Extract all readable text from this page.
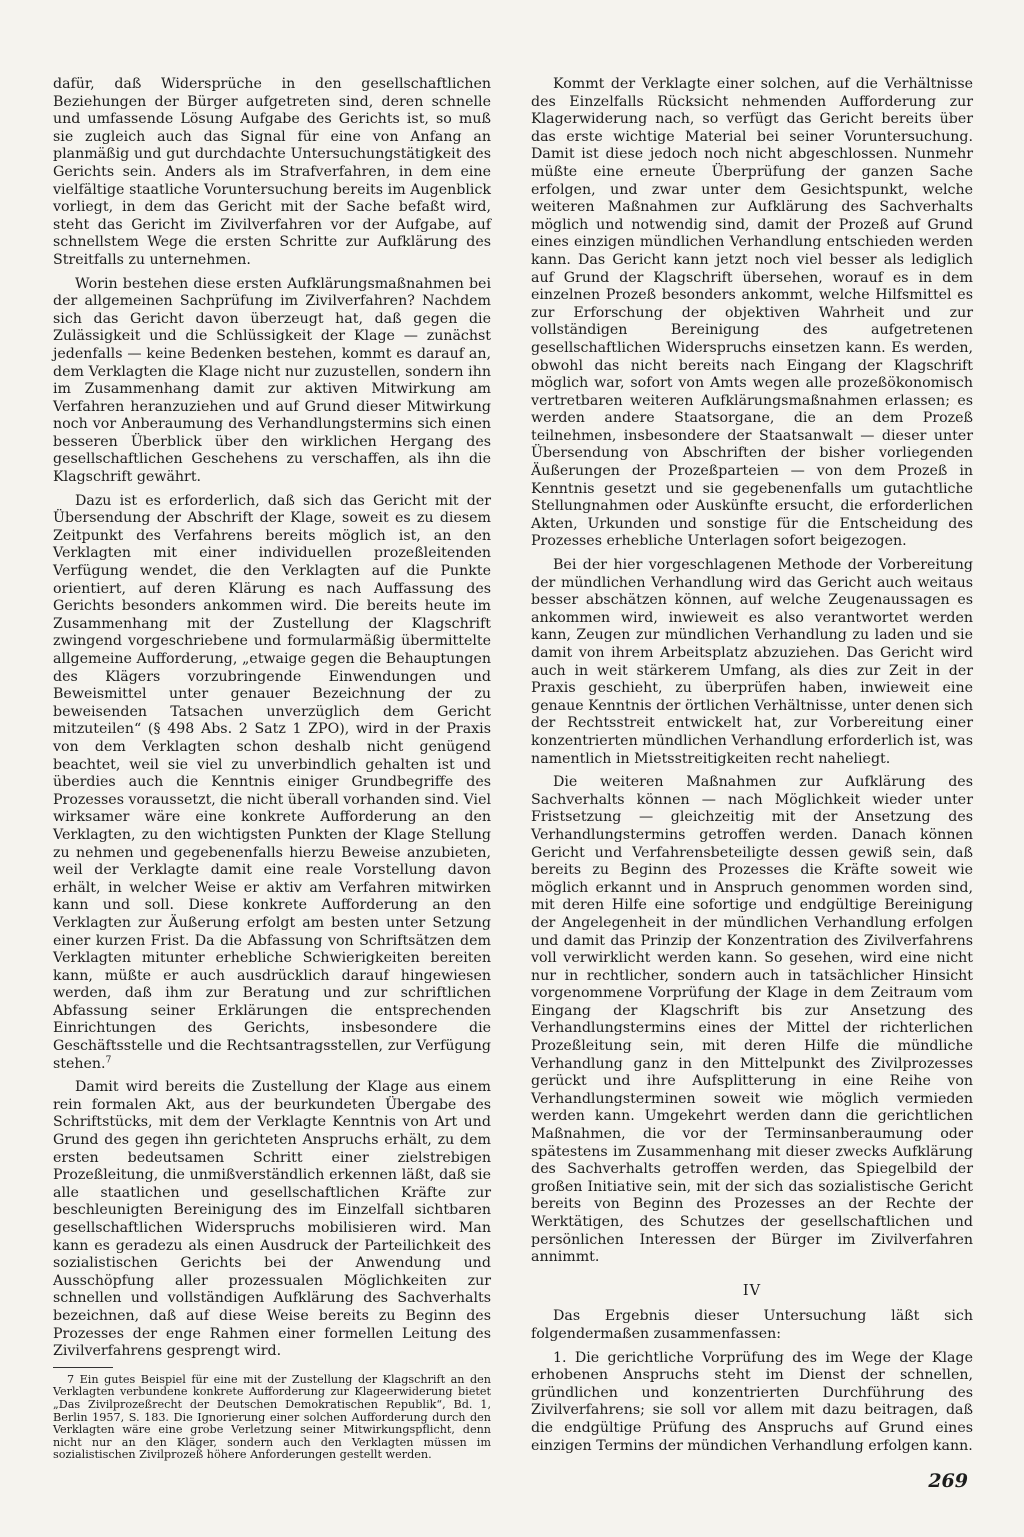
dafür, daß Widersprüche in den gesellschaftlichen Beziehungen der Bürger aufgetreten sind, deren schnelle und umfassende Lösung Aufgabe des Gerichts ist, so muß sie zugleich auch das Signal für eine von Anfang an planmäßig und gut durchdachte Untersuchungstätigkeit des Gerichts sein. Anders als im Strafverfahren, in dem eine vielfältige staatliche Voruntersuchung bereits im Augenblick vorliegt, in dem das Gericht mit der Sache befaßt wird, steht das Gericht im Zivilverfahren vor der Aufgabe, auf schnellstem Wege die ersten Schritte zur Aufklärung des Streitfalls zu unternehmen.

Worin bestehen diese ersten Aufklärungsmaßnahmen bei der allgemeinen Sachprüfung im Zivilverfahren? Nachdem sich das Gericht davon überzeugt hat, daß gegen die Zulässigkeit und die Schlüssigkeit der Klage — zunächst jedenfalls — keine Bedenken bestehen, kommt es darauf an, dem Verklagten die Klage nicht nur zuzustellen, sondern ihn im Zusammenhang damit zur aktiven Mitwirkung am Verfahren heranzuziehen und auf Grund dieser Mitwirkung noch vor Anberaumung des Verhandlungstermins sich einen besseren Überblick über den wirklichen Hergang des gesellschaftlichen Geschehens zu verschaffen, als ihn die Klagschrift gewährt.

Dazu ist es erforderlich, daß sich das Gericht mit der Übersendung der Abschrift der Klage, soweit es zu diesem Zeitpunkt des Verfahrens bereits möglich ist, an den Verklagten mit einer individuellen prozeßleitenden Verfügung wendet, die den Verklagten auf die Punkte orientiert, auf deren Klärung es nach Auffassung des Gerichts besonders ankommen wird. Die bereits heute im Zusammenhang mit der Zustellung der Klagschrift zwingend vorgeschriebene und formularmäßig übermittelte allgemeine Aufforderung, „etwaige gegen die Behauptungen des Klägers vorzubringende Einwendungen und Beweismittel unter genauer Bezeichnung der zu beweisenden Tatsachen unverzüglich dem Gericht mitzuteilen“ (§ 498 Abs. 2 Satz 1 ZPO), wird in der Praxis von dem Verklagten schon deshalb nicht genügend beachtet, weil sie viel zu unverbindlich gehalten ist und überdies auch die Kenntnis einiger Grundbegriffe des Prozesses voraussetzt, die nicht überall vorhanden sind. Viel wirksamer wäre eine konkrete Aufforderung an den Verklagten, zu den wichtigsten Punkten der Klage Stellung zu nehmen und gegebenenfalls hierzu Beweise anzubieten, weil der Verklagte damit eine reale Vorstellung davon erhält, in welcher Weise er aktiv am Verfahren mitwirken kann und soll. Diese konkrete Aufforderung an den Verklagten zur Äußerung erfolgt am besten unter Setzung einer kurzen Frist. Da die Abfassung von Schriftsätzen dem Verklagten mitunter erhebliche Schwierigkeiten bereiten kann, müßte er auch ausdrücklich darauf hingewiesen werden, daß ihm zur Beratung und zur schriftlichen Abfassung seiner Erklärungen die entsprechenden Einrichtungen des Gerichts, insbesondere die Geschäftsstelle und die Rechtsantragsstellen, zur Verfügung stehen.$^7$

Damit wird bereits die Zustellung der Klage aus einem rein formalen Akt, aus der beurkundeten Übergabe des Schriftstücks, mit dem der Verklagte Kenntnis von Art und Grund des gegen ihn gerichteten Anspruchs erhält, zu dem ersten bedeutsamen Schritt einer zielstrebigen Prozeßleitung, die unmißverständlich erkennen läßt, daß sie alle staatlichen und gesellschaftlichen Kräfte zur beschleunigten Bereinigung des im Einzelfall sichtbaren gesellschaftlichen Widerspruchs mobilisieren wird. Man kann es geradezu als einen Ausdruck der Parteilichkeit des sozialistischen Gerichts bei der Anwendung und Ausschöpfung aller prozessualen Möglichkeiten zur schnellen und vollständigen Aufklärung des Sachverhalts bezeichnen, daß auf diese Weise bereits zu Beginn des Prozesses der enge Rahmen einer formellen Leitung des Zivilverfahrens gesprengt wird.

7 Ein gutes Beispiel für eine mit der Zustellung der Klagschrift an den Verklagten verbundene konkrete Aufforderung zur Klageerwiderung bietet „Das Zivilprozeßrecht der Deutschen Demokratischen Republik“, Bd. 1, Berlin 1957, S. 183. Die Ignorierung einer solchen Aufforderung durch den Verklagten wäre eine grobe Verletzung seiner Mitwirkungspflicht, denn nicht nur an den Kläger, sondern auch den Verklagten müssen im sozialistischen Zivilprozeß höhere Anforderungen gestellt werden.

Kommt der Verklagte einer solchen, auf die Verhältnisse des Einzelfalls Rücksicht nehmenden Aufforderung zur Klagerwiderung nach, so verfügt das Gericht bereits über das erste wichtige Material bei seiner Voruntersuchung. Damit ist diese jedoch noch nicht abgeschlossen. Nunmehr müßte eine erneute Überprüfung der ganzen Sache erfolgen, und zwar unter dem Gesichtspunkt, welche weiteren Maßnahmen zur Aufklärung des Sachverhalts möglich und notwendig sind, damit der Prozeß auf Grund eines einzigen mündlichen Verhandlung entschieden werden kann. Das Gericht kann jetzt noch viel besser als lediglich auf Grund der Klagschrift übersehen, worauf es in dem einzelnen Prozeß besonders ankommt, welche Hilfsmittel es zur Erforschung der objektiven Wahrheit und zur vollständigen Bereinigung des aufgetretenen gesellschaftlichen Widerspruchs einsetzen kann. Es werden, obwohl das nicht bereits nach Eingang der Klagschrift möglich war, sofort von Amts wegen alle prozeßökonomisch vertretbaren weiteren Aufklärungsmaßnahmen erlassen; es werden andere Staatsorgane, die an dem Prozeß teilnehmen, insbesondere der Staatsanwalt — dieser unter Übersendung von Abschriften der bisher vorliegenden Äußerungen der Prozeßparteien — von dem Prozeß in Kenntnis gesetzt und sie gegebenenfalls um gutachtliche Stellungnahmen oder Auskünfte ersucht, die erforderlichen Akten, Urkunden und sonstige für die Entscheidung des Prozesses erhebliche Unterlagen sofort beigezogen.

Bei der hier vorgeschlagenen Methode der Vorbereitung der mündlichen Verhandlung wird das Gericht auch weitaus besser abschätzen können, auf welche Zeugenaussagen es ankommen wird, inwieweit es also verantwortet werden kann, Zeugen zur mündlichen Verhandlung zu laden und sie damit von ihrem Arbeitsplatz abzuziehen. Das Gericht wird auch in weit stärkerem Umfang, als dies zur Zeit in der Praxis geschieht, zu überprüfen haben, inwieweit eine genaue Kenntnis der örtlichen Verhältnisse, unter denen sich der Rechtsstreit entwickelt hat, zur Vorbereitung einer konzentrierten mündlichen Verhandlung erforderlich ist, was namentlich in Mietsstreitigkeiten recht naheliegt.

Die weiteren Maßnahmen zur Aufklärung des Sachverhalts können — nach Möglichkeit wieder unter Fristsetzung — gleichzeitig mit der Ansetzung des Verhandlungstermins getroffen werden. Danach können Gericht und Verfahrensbeteiligte dessen gewiß sein, daß bereits zu Beginn des Prozesses die Kräfte soweit wie möglich erkannt und in Anspruch genommen worden sind, mit deren Hilfe eine sofortige und endgültige Bereinigung der Angelegenheit in der mündlichen Verhandlung erfolgen und damit das Prinzip der Konzentration des Zivilverfahrens voll verwirklicht werden kann. So gesehen, wird eine nicht nur in rechtlicher, sondern auch in tatsächlicher Hinsicht vorgenommene Vorprüfung der Klage in dem Zeitraum vom Eingang der Klagschrift bis zur Ansetzung des Verhandlungstermins eines der Mittel der richterlichen Prozeßleitung sein, mit deren Hilfe die mündliche Verhandlung ganz in den Mittelpunkt des Zivilprozesses gerückt und ihre Aufsplitterung in eine Reihe von Verhandlungsterminen soweit wie möglich vermieden werden kann. Umgekehrt werden dann die gerichtlichen Maßnahmen, die vor der Terminsanberaumung oder spätestens im Zusammenhang mit dieser zwecks Aufklärung des Sachverhalts getroffen werden, das Spiegelbild der großen Initiative sein, mit der sich das sozialistische Gericht bereits von Beginn des Prozesses an der Rechte der Werktätigen, des Schutzes der gesellschaftlichen und persönlichen Interessen der Bürger im Zivilverfahren annimmt.

IV

Das Ergebnis dieser Untersuchung läßt sich folgendermaßen zusammenfassen:

1. Die gerichtliche Vorprüfung des im Wege der Klage erhobenen Anspruchs steht im Dienst der schnellen, gründlichen und konzentrierten Durchführung des Zivilverfahrens; sie soll vor allem mit dazu beitragen, daß die endgültige Prüfung des Anspruchs auf Grund eines einzigen Termins der mündichen Verhandlung erfolgen kann.

269
